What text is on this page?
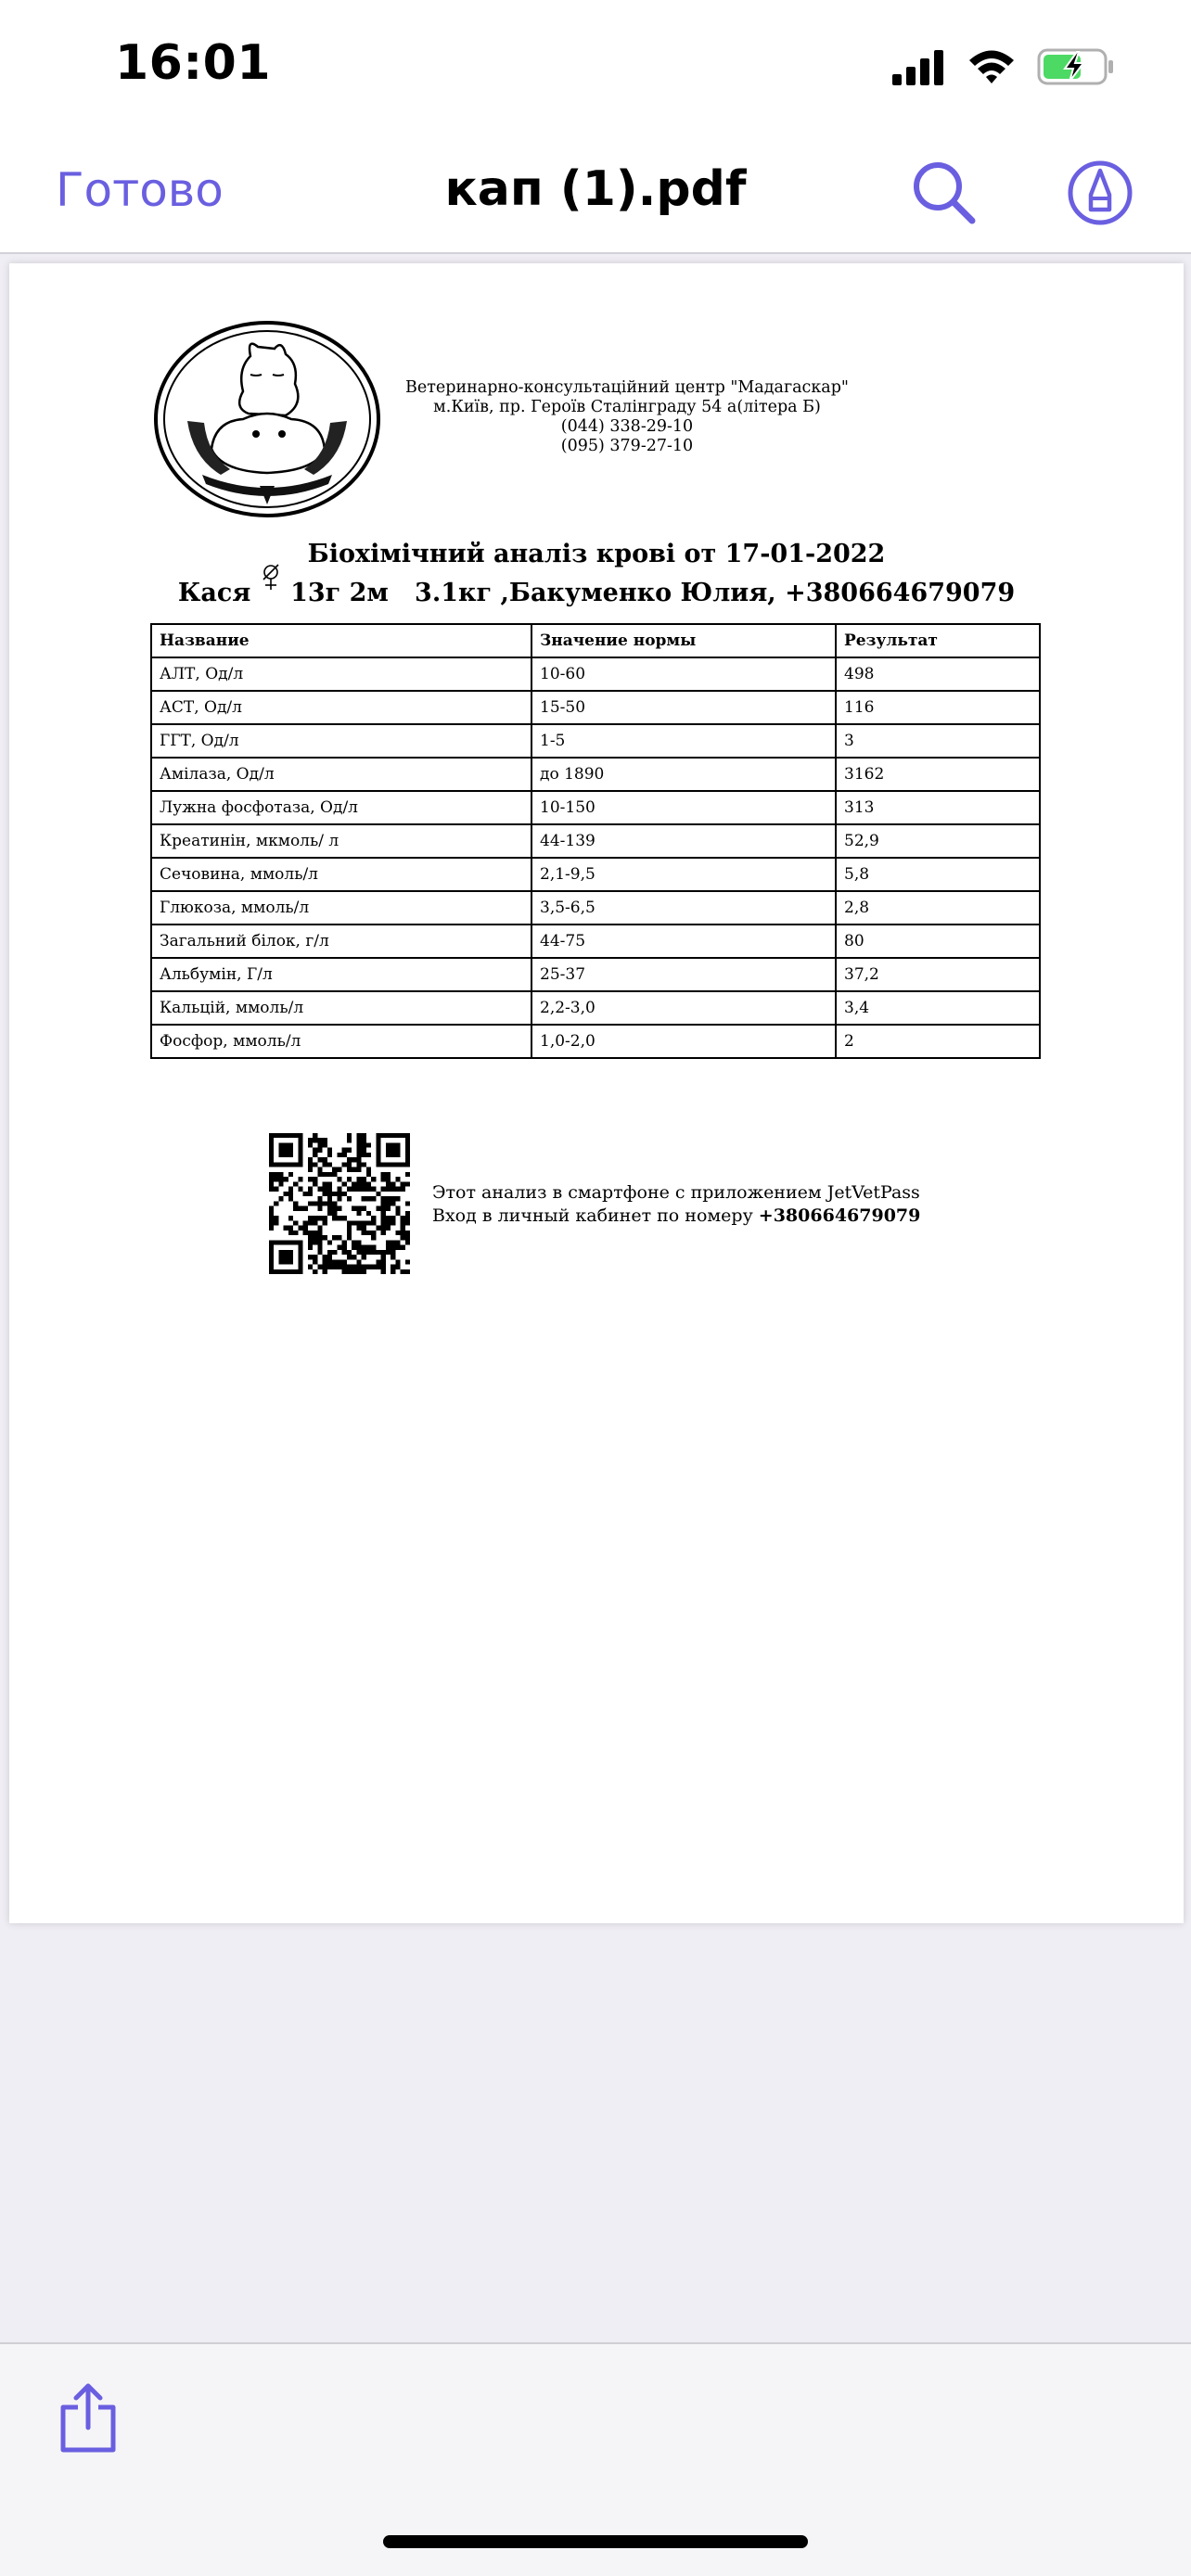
16:01
Готово	кап (1).pdf
Ветеринарно-консультаційний центр "Мадагаскар"
м.Київ, пр. Героїв Сталінграду 54 а(літера Б)
(044) 338-29-10
(095) 379-27-10
Біохімічний аналіз крові от 17-01-2022
Кася 13г 2м   3.1кг ,Бакуменко Юлия, +380664679079
Название	Значение нормы	Результат
АЛТ, Од/л	10-60	498
АСТ, Од/л	15-50	116
ГГТ, Од/л	1-5	3
Амілаза, Од/л	до 1890	3162
Лужна фосфотаза, Од/л	10-150	313
Креатинін, мкмоль/ л	44-139	52,9
Сечовина, ммоль/л	2,1-9,5	5,8
Глюкоза, ммоль/л	3,5-6,5	2,8
Загальний білок, г/л	44-75	80
Альбумін, Г/л	25-37	37,2
Кальцій, ммоль/л	2,2-3,0	3,4
Фосфор, ммоль/л	1,0-2,0	2
Этот анализ в смартфоне с приложением JetVetPass
Вход в личный кабинет по номеру +380664679079
